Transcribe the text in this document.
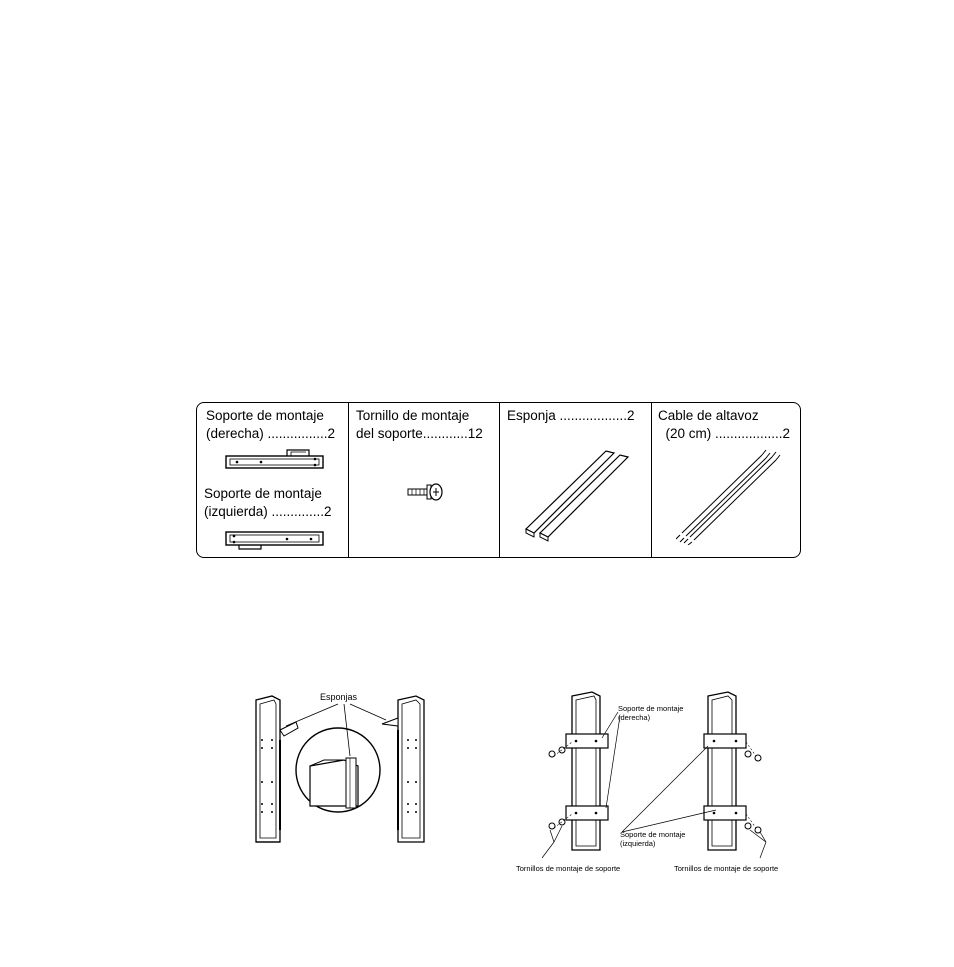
Soporte de montaje
(derecha) ................2
Soporte de montaje
(izquierda) ..............2
Tornillo de montaje
del soporte............12
Esponja ..................2 Cable de altavoz
(20 cm) ..................2
Esponjas
Soporte de montaje
(derecha)
Soporte de montaje
(izquierda)
Tornillos de montaje de soporte	Tornillos de montaje de soporte
